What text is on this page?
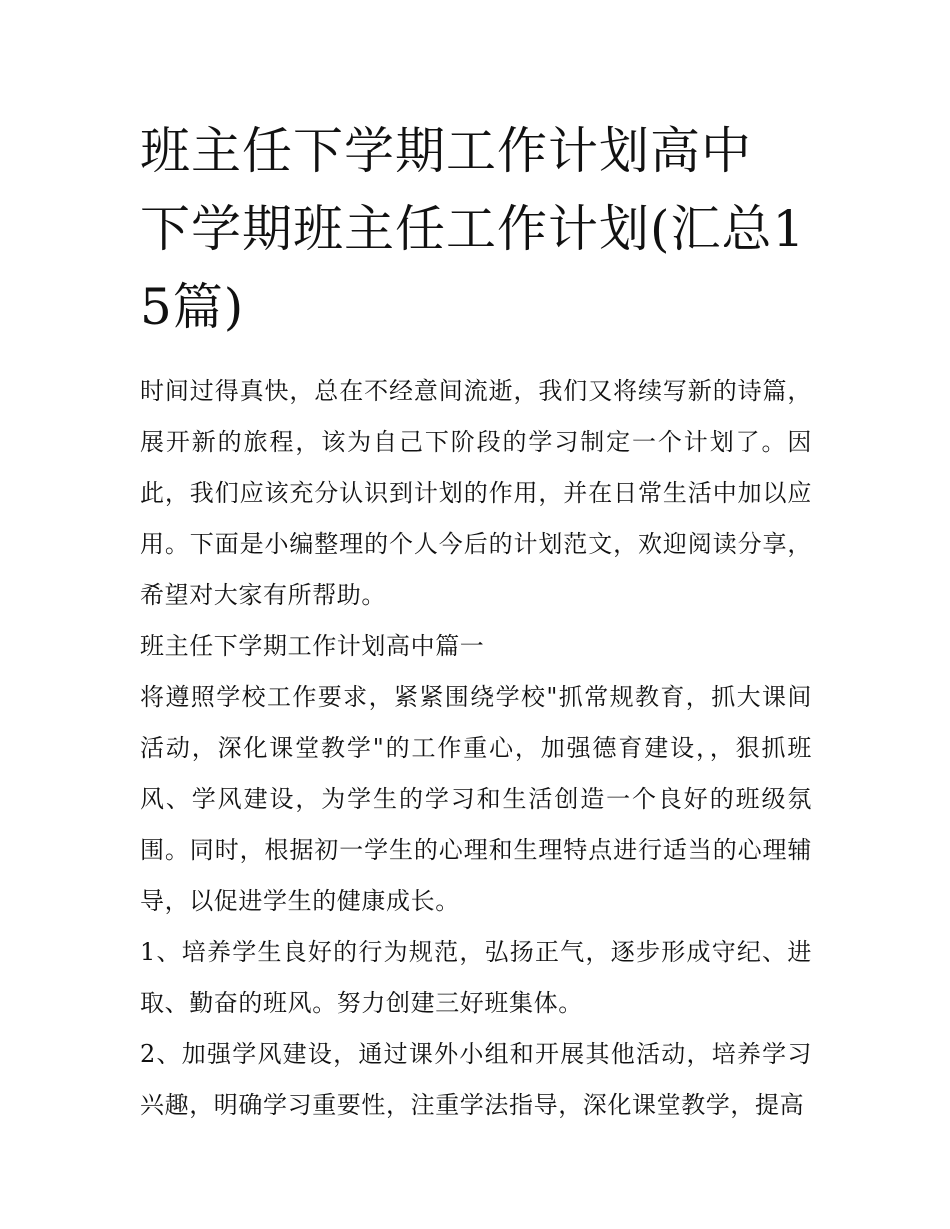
班主任下学期工作计划高中 下学期班主任工作计划(汇总15篇)

时间过得真快，总在不经意间流逝，我们又将续写新的诗篇，展开新的旅程，该为自己下阶段的学习制定一个计划了。因此，我们应该充分认识到计划的作用，并在日常生活中加以应用。下面是小编整理的个人今后的计划范文，欢迎阅读分享，希望对大家有所帮助。

班主任下学期工作计划高中篇一

将遵照学校工作要求，紧紧围绕学校"抓常规教育，抓大课间活动，深化课堂教学"的工作重心，加强德育建设，，狠抓班风、学风建设，为学生的学习和生活创造一个良好的班级氛围。同时，根据初一学生的心理和生理特点进行适当的心理辅导，以促进学生的健康成长。

1、培养学生良好的行为规范，弘扬正气，逐步形成守纪、进取、勤奋的班风。努力创建三好班集体。

2、加强学风建设，通过课外小组和开展其他活动，培养学习兴趣，明确学习重要性，注重学法指导，深化课堂教学，提高
